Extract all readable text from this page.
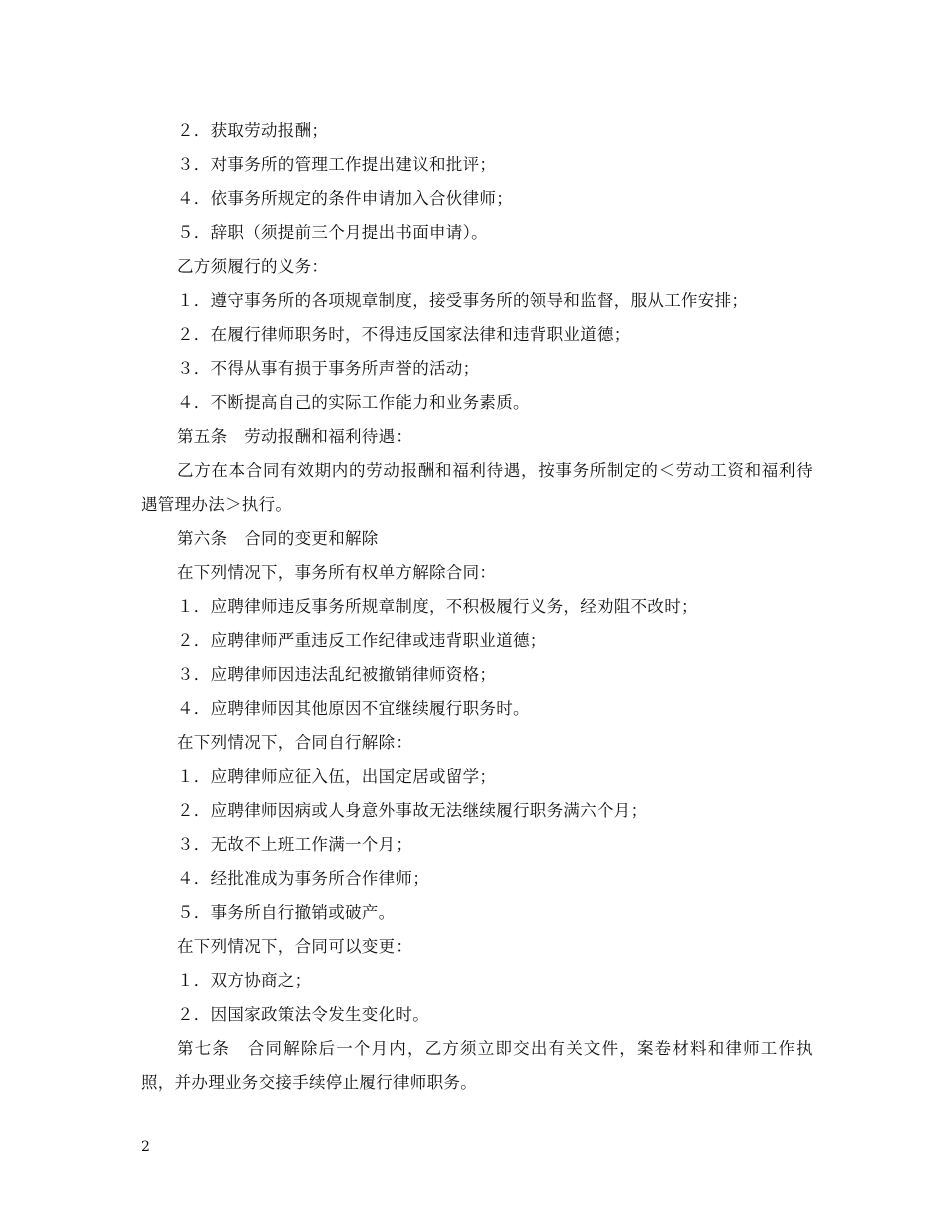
２．获取劳动报酬；
３．对事务所的管理工作提出建议和批评；
４．依事务所规定的条件申请加入合伙律师；
５．辞职（须提前三个月提出书面申请）。
乙方须履行的义务：
１．遵守事务所的各项规章制度，接受事务所的领导和监督，服从工作安排；
２．在履行律师职务时，不得违反国家法律和违背职业道德；
３．不得从事有损于事务所声誉的活动；
４．不断提高自己的实际工作能力和业务素质。
第五条　劳动报酬和福利待遇：
乙方在本合同有效期内的劳动报酬和福利待遇，按事务所制定的＜劳动工资和福利待遇管理办法＞执行。
第六条　合同的变更和解除
在下列情况下，事务所有权单方解除合同：
１．应聘律师违反事务所规章制度，不积极履行义务，经劝阻不改时；
２．应聘律师严重违反工作纪律或违背职业道德；
３．应聘律师因违法乱纪被撤销律师资格；
４．应聘律师因其他原因不宜继续履行职务时。
在下列情况下，合同自行解除：
１．应聘律师应征入伍，出国定居或留学；
２．应聘律师因病或人身意外事故无法继续履行职务满六个月；
３．无故不上班工作满一个月；
４．经批准成为事务所合作律师；
５．事务所自行撤销或破产。
在下列情况下，合同可以变更：
１．双方协商之；
２．因国家政策法令发生变化时。
第七条　合同解除后一个月内，乙方须立即交出有关文件，案卷材料和律师工作执照，并办理业务交接手续停止履行律师职务。
2
